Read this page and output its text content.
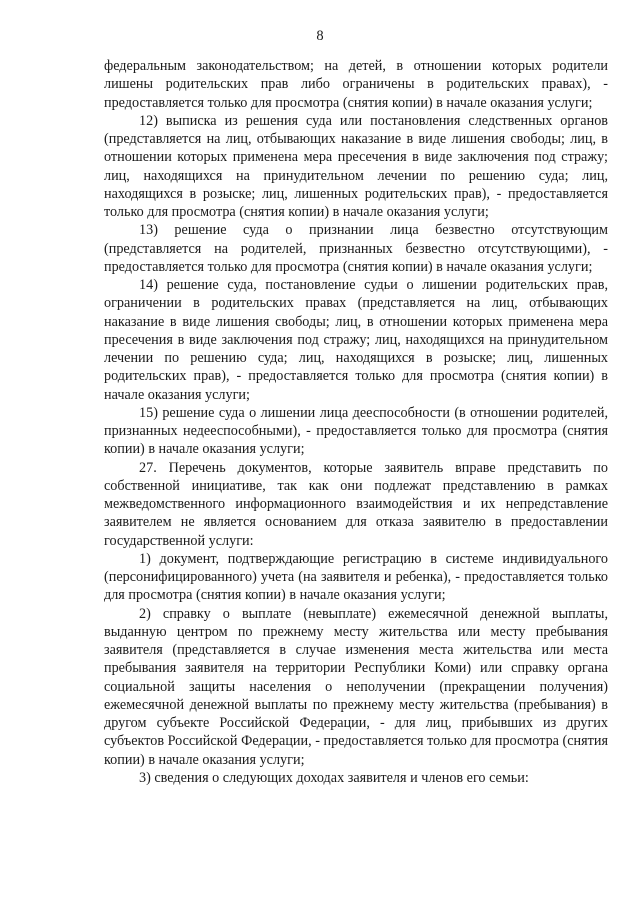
8

федеральным законодательством; на детей, в отношении которых родители лишены родительских прав либо ограничены в родительских правах), - предоставляется только для просмотра (снятия копии) в начале оказания услуги;

12) выписка из решения суда или постановления следственных органов (представляется на лиц, отбывающих наказание в виде лишения свободы; лиц, в отношении которых применена мера пресечения в виде заключения под стражу; лиц, находящихся на принудительном лечении по решению суда; лиц, находящихся в розыске; лиц, лишенных родительских прав), - предоставляется только для просмотра (снятия копии) в начале оказания услуги;

13) решение суда о признании лица безвестно отсутствующим (представляется на родителей, признанных безвестно отсутствующими), - предоставляется только для просмотра (снятия копии) в начале оказания услуги;

14) решение суда, постановление судьи о лишении родительских прав, ограничении в родительских правах (представляется на лиц, отбывающих наказание в виде лишения свободы; лиц, в отношении которых применена мера пресечения в виде заключения под стражу; лиц, находящихся на принудительном лечении по решению суда; лиц, находящихся в розыске; лиц, лишенных родительских прав), - предоставляется только для просмотра (снятия копии) в начале оказания услуги;

15) решение суда о лишении лица дееспособности (в отношении родителей, признанных недееспособными), - предоставляется только для просмотра (снятия копии) в начале оказания услуги;

27. Перечень документов, которые заявитель вправе представить по собственной инициативе, так как они подлежат представлению в рамках межведомственного информационного взаимодействия и их непредставление заявителем не является основанием для отказа заявителю в предоставлении государственной услуги:

1) документ, подтверждающие регистрацию в системе индивидуального (персонифицированного) учета (на заявителя и ребенка), - предоставляется только для просмотра (снятия копии) в начале оказания услуги;

2) справку о выплате (невыплате) ежемесячной денежной выплаты, выданную центром по прежнему месту жительства или месту пребывания заявителя (представляется в случае изменения места жительства или места пребывания заявителя на территории Республики Коми) или справку органа социальной защиты населения о неполучении (прекращении получения) ежемесячной денежной выплаты по прежнему месту жительства (пребывания) в другом субъекте Российской Федерации, - для лиц, прибывших из других субъектов Российской Федерации, - предоставляется только для просмотра (снятия копии) в начале оказания услуги;

3) сведения о следующих доходах заявителя и членов его семьи:
